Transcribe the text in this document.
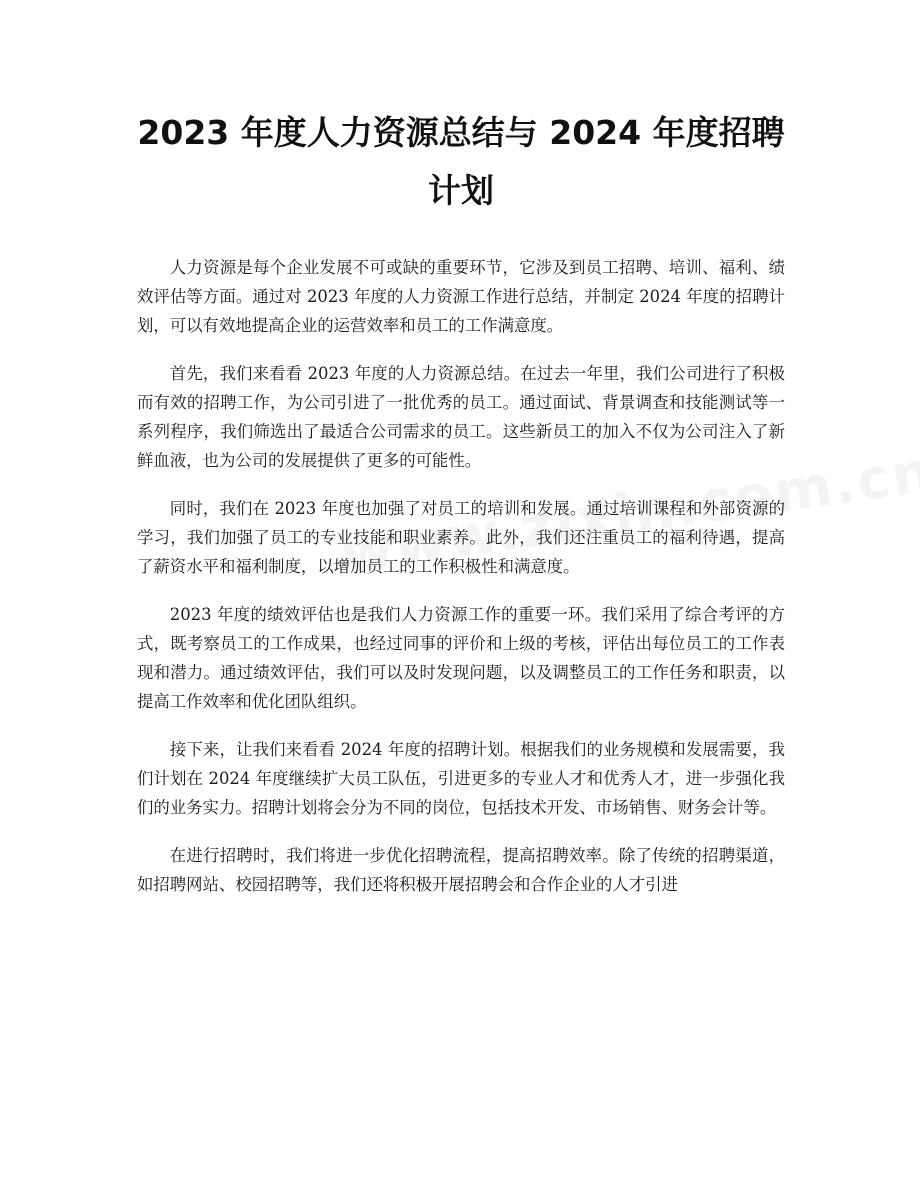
2023 年度人力资源总结与 2024 年度招聘计划

人力资源是每个企业发展不可或缺的重要环节，它涉及到员工招聘、培训、福利、绩效评估等方面。通过对 2023 年度的人力资源工作进行总结，并制定 2024 年度的招聘计划，可以有效地提高企业的运营效率和员工的工作满意度。

首先，我们来看看 2023 年度的人力资源总结。在过去一年里，我们公司进行了积极而有效的招聘工作，为公司引进了一批优秀的员工。通过面试、背景调查和技能测试等一系列程序，我们筛选出了最适合公司需求的员工。这些新员工的加入不仅为公司注入了新鲜血液，也为公司的发展提供了更多的可能性。

同时，我们在 2023 年度也加强了对员工的培训和发展。通过培训课程和外部资源的学习，我们加强了员工的专业技能和职业素养。此外，我们还注重员工的福利待遇，提高了薪资水平和福利制度，以增加员工的工作积极性和满意度。

2023 年度的绩效评估也是我们人力资源工作的重要一环。我们采用了综合考评的方式，既考察员工的工作成果，也经过同事的评价和上级的考核，评估出每位员工的工作表现和潜力。通过绩效评估，我们可以及时发现问题，以及调整员工的工作任务和职责，以提高工作效率和优化团队组织。

接下来，让我们来看看 2024 年度的招聘计划。根据我们的业务规模和发展需要，我们计划在 2024 年度继续扩大员工队伍，引进更多的专业人才和优秀人才，进一步强化我们的业务实力。招聘计划将会分为不同的岗位，包括技术开发、市场销售、财务会计等。

在进行招聘时，我们将进一步优化招聘流程，提高招聘效率。除了传统的招聘渠道，如招聘网站、校园招聘等，我们还将积极开展招聘会和合作企业的人才引进
